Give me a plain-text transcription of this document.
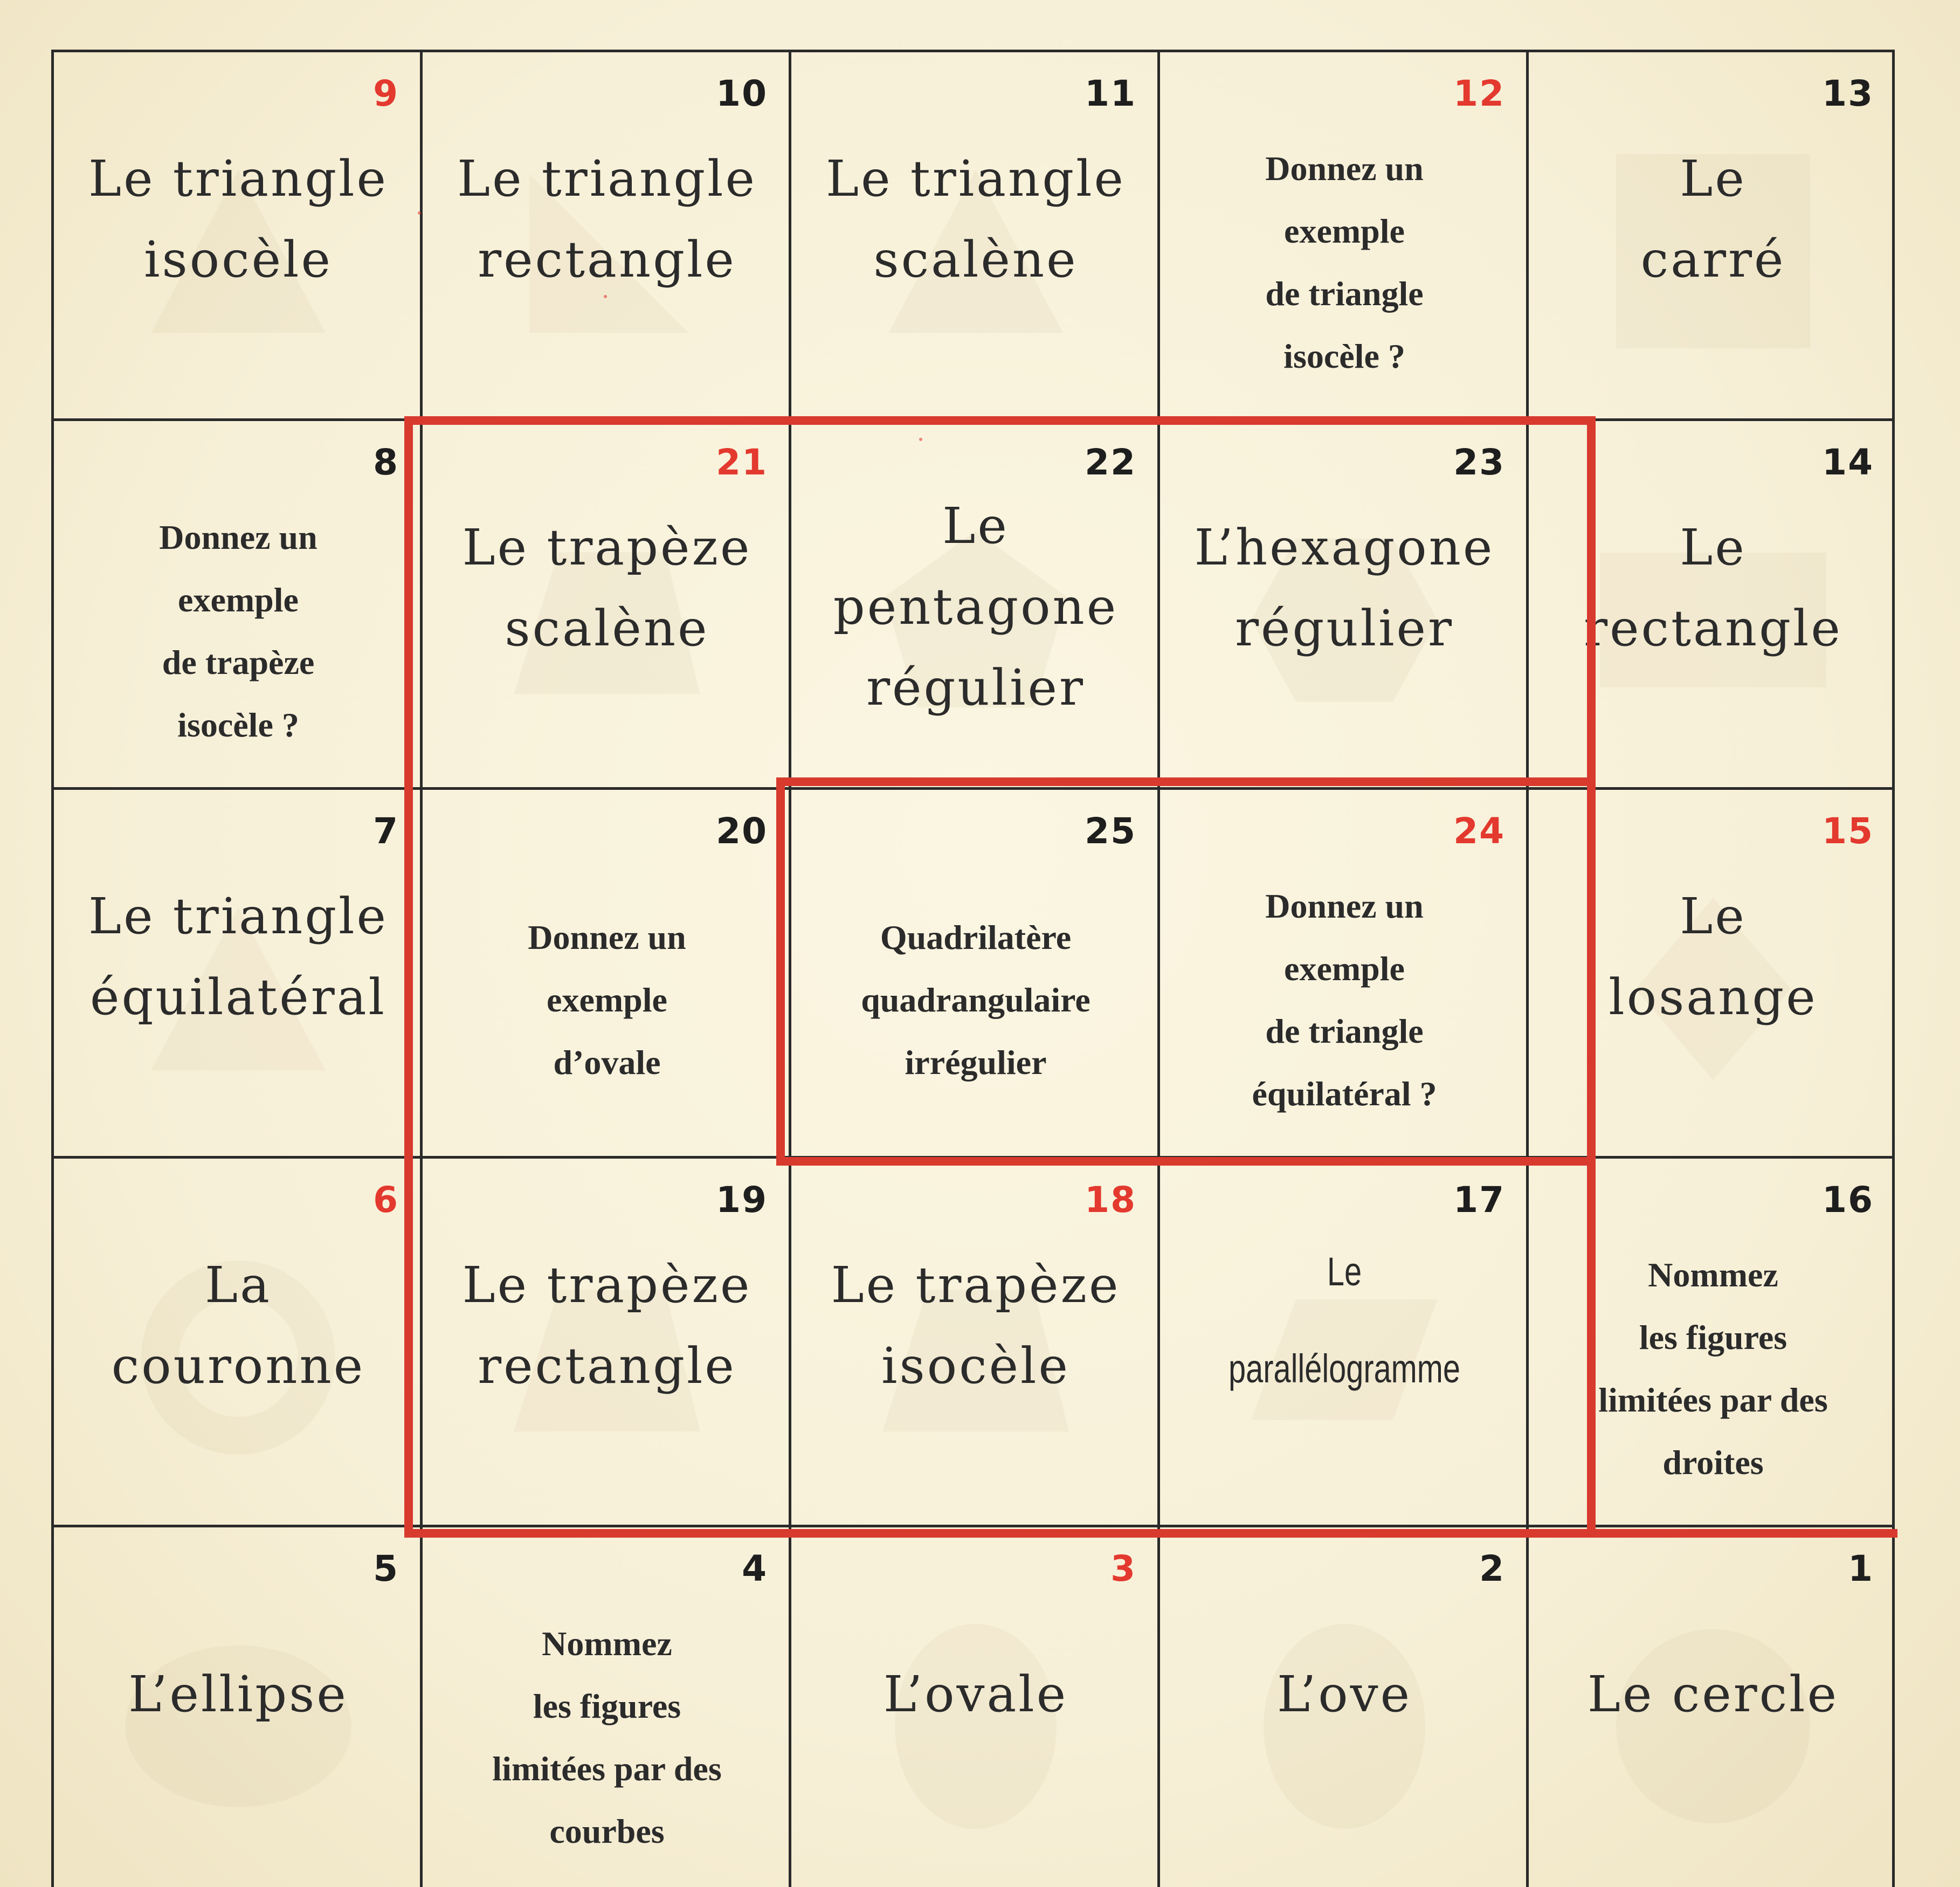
9
Le triangle
isocèle
10
Le triangle
rectangle
11
Le triangle
scalène
12
Donnez un
exemple
de triangle
isocèle ?
13
Le
carré
8
Donnez un
exemple
de trapèze
isocèle ?
21
Le trapèze
scalène
22
Le
pentagone
régulier
23
L’hexagone
régulier
14
Le
rectangle
7
Le triangle
équilatéral
20
Donnez un
exemple
d’ovale
25
Quadrilatère
quadrangulaire
irrégulier
24
Donnez un
exemple
de triangle
équilatéral ?
15
Le
losange
6
La
couronne
19
Le trapèze
rectangle
18
Le trapèze
isocèle
17
Le
parallélogramme
16
Nommez
les figures
limitées par des
droites
5
L’ellipse
4
Nommez
les figures
limitées par des
courbes
3
L’ovale
2
L’ove
1
Le cercle
